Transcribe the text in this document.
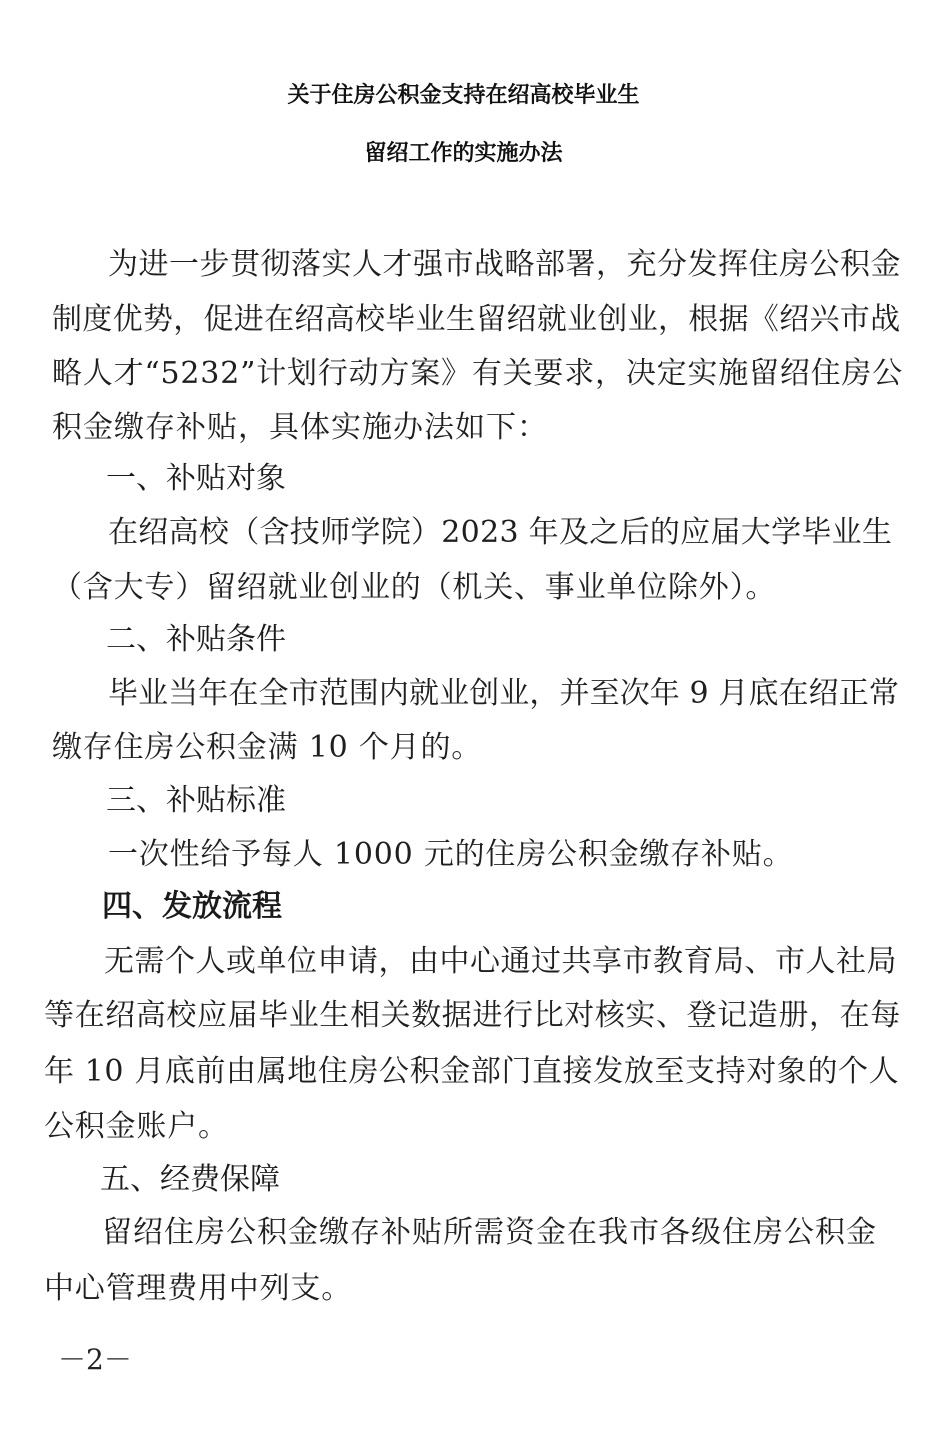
关于住房公积金支持在绍高校毕业生
留绍工作的实施办法
为进一步贯彻落实人才强市战略部署，充分发挥住房公积金
制度优势，促进在绍高校毕业生留绍就业创业，根据《绍兴市战
略人才“5232”计划行动方案》有关要求，决定实施留绍住房公
积金缴存补贴，具体实施办法如下：
一、补贴对象
在绍高校（含技师学院）2023 年及之后的应届大学毕业生
（含大专）留绍就业创业的（机关、事业单位除外）。
二、补贴条件
毕业当年在全市范围内就业创业，并至次年 9 月底在绍正常
缴存住房公积金满 10 个月的。
三、补贴标准
一次性给予每人 1000 元的住房公积金缴存补贴。
四、发放流程
无需个人或单位申请，由中心通过共享市教育局、市人社局
等在绍高校应届毕业生相关数据进行比对核实、登记造册，在每
年 10 月底前由属地住房公积金部门直接发放至支持对象的个人
公积金账户。
五、经费保障
留绍住房公积金缴存补贴所需资金在我市各级住房公积金
中心管理费用中列支。
－2－
